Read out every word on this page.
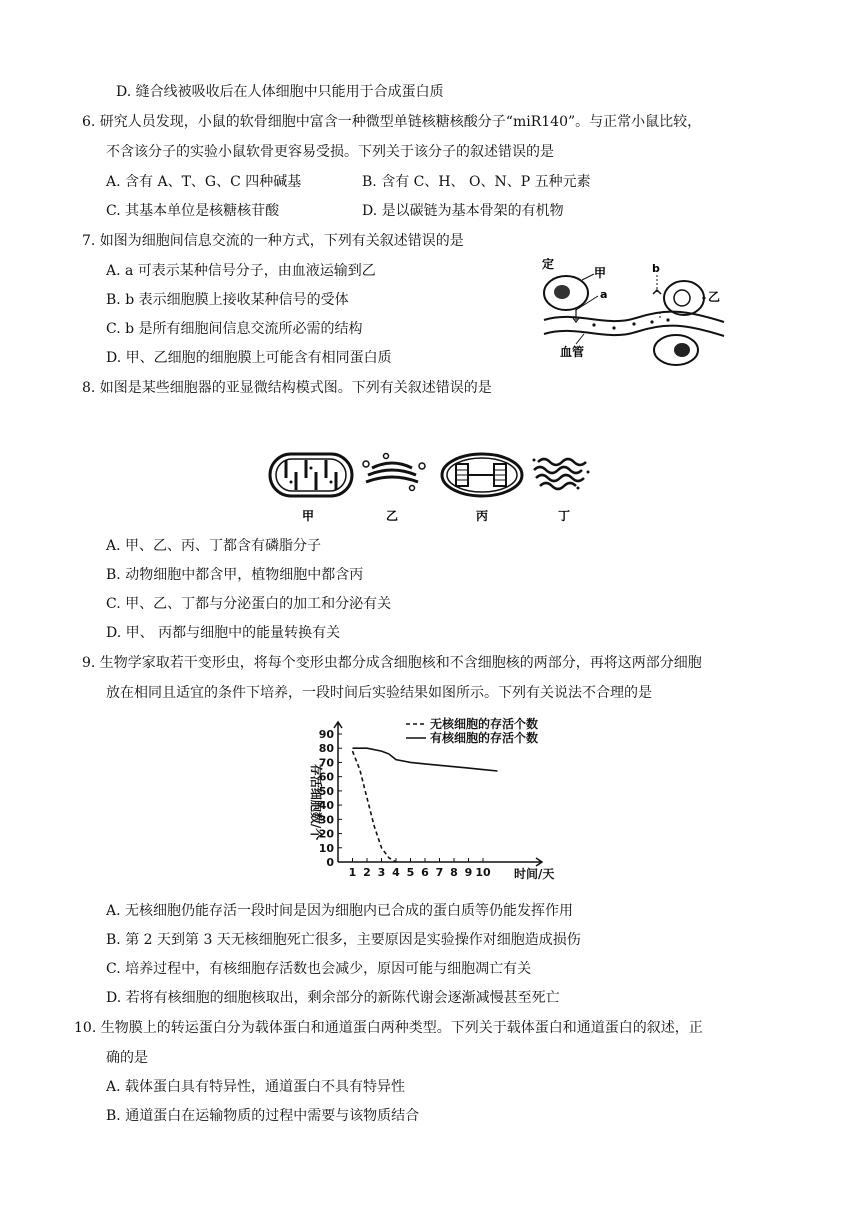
D. 缝合线被吸收后在人体细胞中只能用于合成蛋白质
6. 研究人员发现，小鼠的软骨细胞中富含一种微型单链核糖核酸分子“miR140”。与正常小鼠比较，
不含该分子的实验小鼠软骨更容易受损。下列关于该分子的叙述错误的是
A. 含有 A、T、G、C 四种碱基	B. 含有 C、H、 O、N、P 五种元素
C. 其基本单位是核糖核苷酸	D. 是以碳链为基本骨架的有机物
7. 如图为细胞间信息交流的一种方式，下列有关叙述错误的是
A. a 可表示某种信号分子，由血液运输到乙
B. b 表示细胞膜上接收某种信号的受体
C. b 是所有细胞间信息交流所必需的结构
D. 甲、乙细胞的细胞膜上可能含有相同蛋白质
定
甲
a	乙
b
血管
8. 如图是某些细胞器的亚显微结构模式图。下列有关叙述错误的是
甲	乙	丙	丁
A. 甲、乙、丙、丁都含有磷脂分子
B. 动物细胞中都含甲，植物细胞中都含丙
C. 甲、乙、丁都与分泌蛋白的加工和分泌有关
D. 甲、 丙都与细胞中的能量转换有关
9. 生物学家取若干变形虫，将每个变形虫都分成含细胞核和不含细胞核的两部分，再将这两部分细胞
放在相同且适宜的条件下培养，一段时间后实验结果如图所示。下列有关说法不合理的是
0
10
20
30
40
50
60
70
80
90
1 2 3 4 5 6 7 8 9 10 时间/天
存活细胞数/个
无核细胞的存活个数
有核细胞的存活个数
A. 无核细胞仍能存活一段时间是因为细胞内已合成的蛋白质等仍能发挥作用
B. 第 2 天到第 3 天无核细胞死亡很多，主要原因是实验操作对细胞造成损伤
C. 培养过程中，有核细胞存活数也会减少，原因可能与细胞凋亡有关
D. 若将有核细胞的细胞核取出，剩余部分的新陈代谢会逐渐减慢甚至死亡
10. 生物膜上的转运蛋白分为载体蛋白和通道蛋白两种类型。下列关于载体蛋白和通道蛋白的叙述，正
确的是
A. 载体蛋白具有特异性，通道蛋白不具有特异性
B. 通道蛋白在运输物质的过程中需要与该物质结合
